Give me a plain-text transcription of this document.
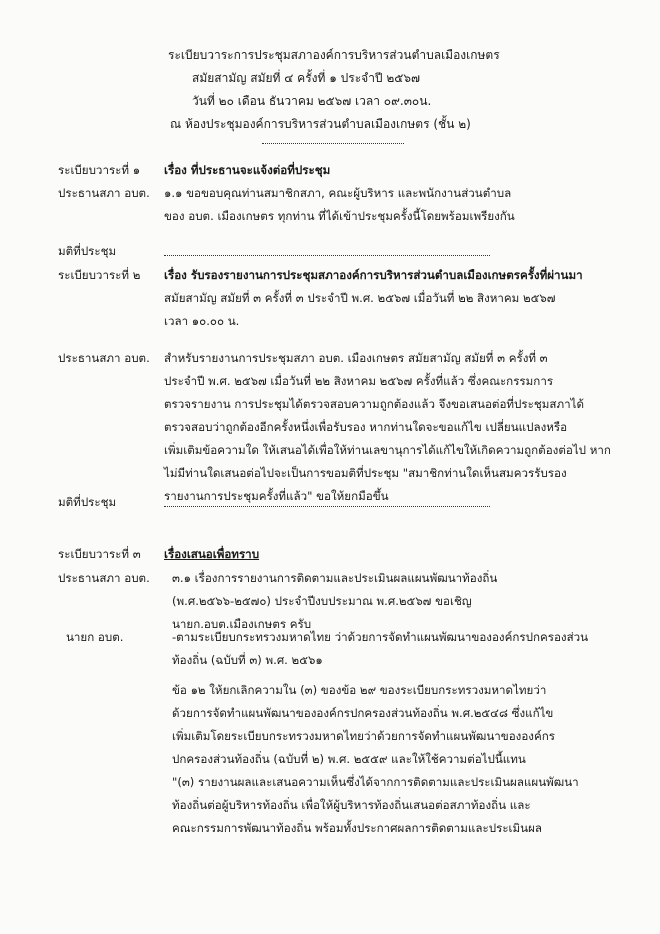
ระเบียบวาระการประชุมสภาองค์การบริหารส่วนตำบลเมืองเกษตร
สมัยสามัญ สมัยที่ ๔ ครั้งที่ ๑ ประจำปี ๒๕๖๗
วันที่ ๒๐ เดือน ธันวาคม ๒๕๖๗ เวลา ๐๙.๓๐น.
ณ ห้องประชุมองค์การบริหารส่วนตำบลเมืองเกษตร (ชั้น ๒)
ระเบียบวาระที่ ๑ เรื่อง ที่ประธานจะแจ้งต่อที่ประชุม
ประธานสภา อบต. ๑.๑ ขอขอบคุณท่านสมาชิกสภา, คณะผู้บริหาร และพนักงานส่วนตำบล
ของ อบต. เมืองเกษตร ทุกท่าน ที่ได้เข้าประชุมครั้งนี้โดยพร้อมเพรียงกัน
มติที่ประชุม
ระเบียบวาระที่ ๒ เรื่อง รับรองรายงานการประชุมสภาองค์การบริหารส่วนตำบลเมืองเกษตรครั้งที่ผ่านมา
สมัยสามัญ สมัยที่ ๓ ครั้งที่ ๓ ประจำปี พ.ศ. ๒๕๖๗ เมื่อวันที่ ๒๒ สิงหาคม ๒๕๖๗
เวลา ๑๐.๐๐ น.
ประธานสภา อบต. สำหรับรายงานการประชุมสภา อบต. เมืองเกษตร สมัยสามัญ สมัยที่ ๓ ครั้งที่ ๓
ประจำปี พ.ศ. ๒๕๖๗ เมื่อวันที่ ๒๒ สิงหาคม ๒๕๖๗ ครั้งที่แล้ว ซึ่งคณะกรรมการ
ตรวจรายงาน การประชุมได้ตรวจสอบความถูกต้องแล้ว จึงขอเสนอต่อที่ประชุมสภาได้
ตรวจสอบว่าถูกต้องอีกครั้งหนึ่งเพื่อรับรอง หากท่านใดจะขอแก้ไข เปลี่ยนแปลงหรือ
เพิ่มเติมข้อความใด ให้เสนอได้เพื่อให้ท่านเลขานุการได้แก้ไขให้เกิดความถูกต้องต่อไป หาก
ไม่มีท่านใดเสนอต่อไปจะเป็นการขอมติที่ประชุม "สมาชิกท่านใดเห็นสมควรรับรอง
รายงานการประชุมครั้งที่แล้ว" ขอให้ยกมือขึ้น
มติที่ประชุม
ระเบียบวาระที่ ๓ เรื่องเสนอเพื่อทราบ
ประธานสภา อบต. ๓.๑ เรื่องการรายงานการติดตามและประเมินผลแผนพัฒนาท้องถิ่น
(พ.ศ.๒๕๖๖-๒๕๗๐) ประจำปีงบประมาณ พ.ศ.๒๕๖๗ ขอเชิญ
นายก.อบต.เมืองเกษตร ครับ
นายก อบต.	-ตามระเบียบกระทรวงมหาดไทย ว่าด้วยการจัดทำแผนพัฒนาขององค์กรปกครองส่วน
ท้องถิ่น (ฉบับที่ ๓) พ.ศ. ๒๕๖๑
ข้อ ๑๒ ให้ยกเลิกความใน (๓) ของข้อ ๒๙ ของระเบียบกระทรวงมหาดไทยว่า
ด้วยการจัดทำแผนพัฒนาขององค์กรปกครองส่วนท้องถิ่น พ.ศ.๒๕๔๘ ซึ่งแก้ไข
เพิ่มเติมโดยระเบียบกระทรวงมหาดไทยว่าด้วยการจัดทำแผนพัฒนาขององค์กร
ปกครองส่วนท้องถิ่น (ฉบับที่ ๒) พ.ศ. ๒๕๕๙ และให้ใช้ความต่อไปนี้แทน
"(๓) รายงานผลและเสนอความเห็นซึ่งได้จากการติดตามและประเมินผลแผนพัฒนา
ท้องถิ่นต่อผู้บริหารท้องถิ่น เพื่อให้ผู้บริหารท้องถิ่นเสนอต่อสภาท้องถิ่น และ
คณะกรรมการพัฒนาท้องถิ่น พร้อมทั้งประกาศผลการติดตามและประเมินผล
